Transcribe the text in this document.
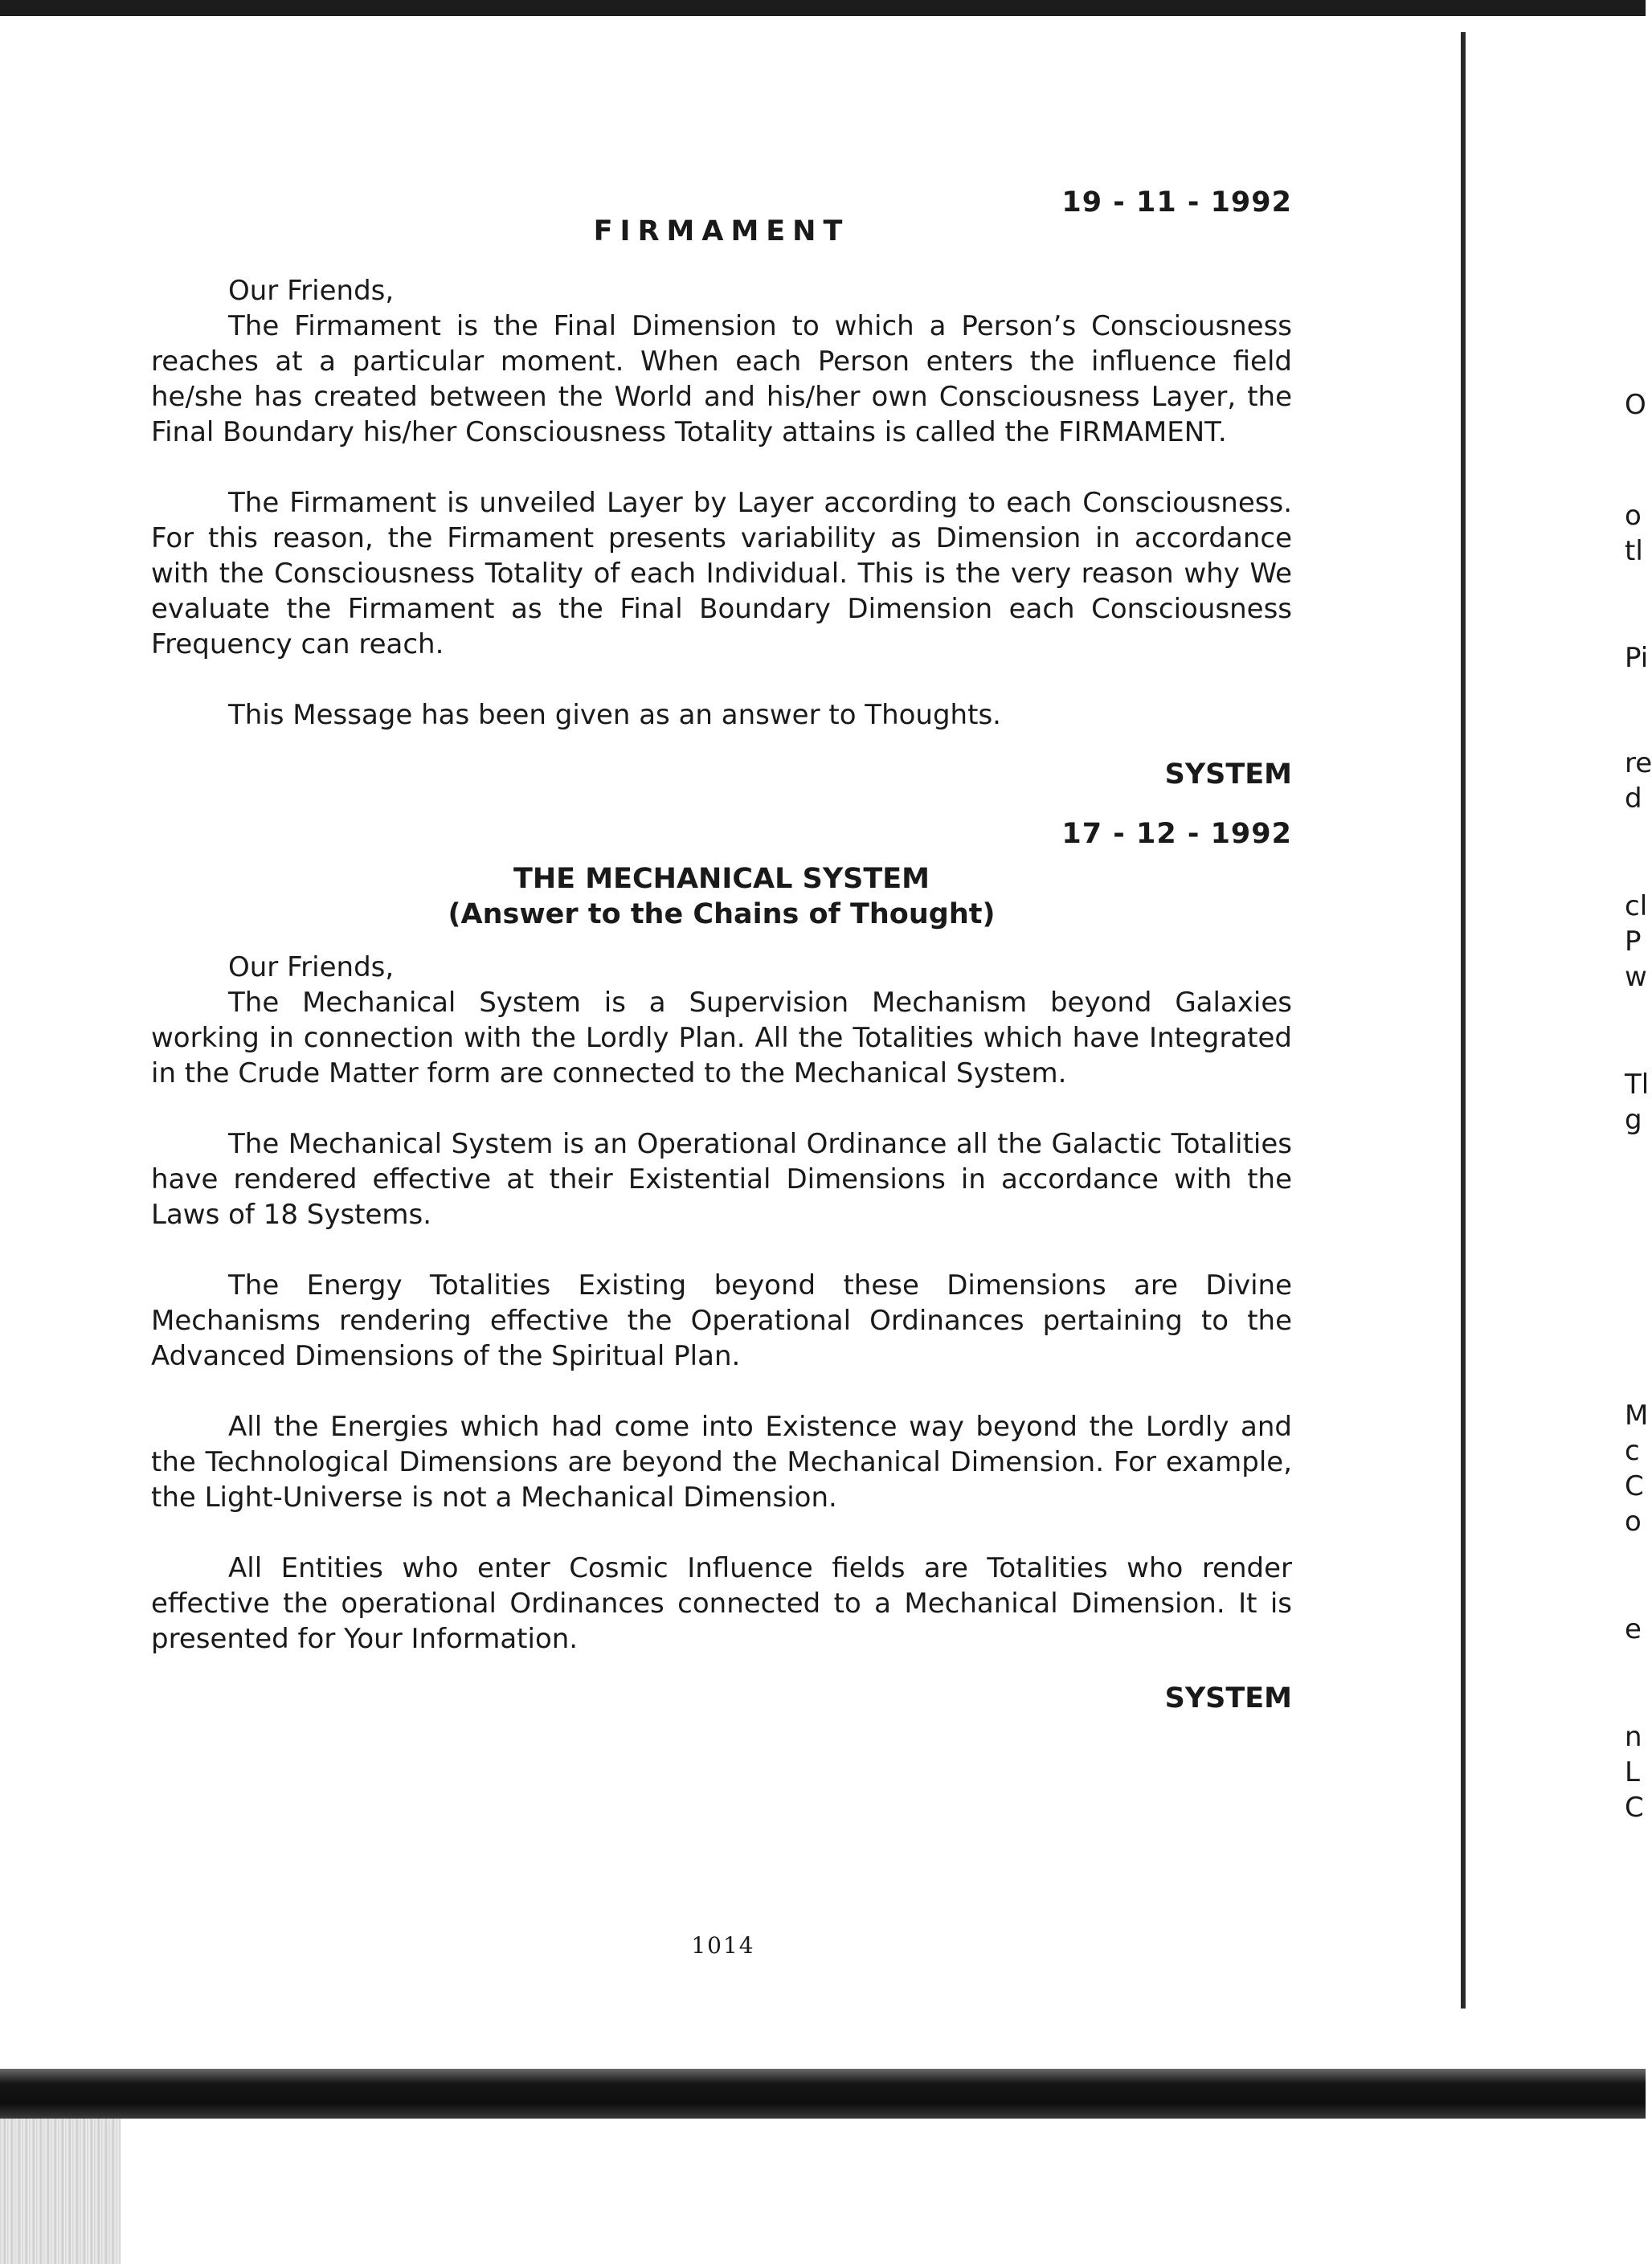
19 - 11 - 1992
FIRMAMENT
Our Friends,

The Firmament is the Final Dimension to which a Person’s Consciousness reaches at a particular moment. When each Person enters the influence field he/she has created between the World and his/her own Consciousness Layer, the Final Boundary his/her Consciousness Totality attains is called the FIRMAMENT.

The Firmament is unveiled Layer by Layer according to each Consciousness. For this reason, the Firmament presents variability as Dimension in accordance with the Consciousness Totality of each Individual. This is the very reason why We evaluate the Firmament as the Final Boundary Dimension each Consciousness Frequency can reach.

This Message has been given as an answer to Thoughts.

SYSTEM
17 - 12 - 1992
THE MECHANICAL SYSTEM
(Answer to the Chains of Thought)
Our Friends,

The Mechanical System is a Supervision Mechanism beyond Galaxies working in connection with the Lordly Plan. All the Totalities which have Integrated in the Crude Matter form are connected to the Mechanical System.

The Mechanical System is an Operational Ordinance all the Galactic Totalities have rendered effective at their Existential Dimensions in accordance with the Laws of 18 Systems.

The Energy Totalities Existing beyond these Dimensions are Divine Mechanisms rendering effective the Operational Ordinances pertaining to the Advanced Dimensions of the Spiritual Plan.

All the Energies which had come into Existence way beyond the Lordly and the Technological Dimensions are beyond the Mechanical Dimension. For example, the Light-Universe is not a Mechanical Dimension.

All Entities who enter Cosmic Influence fields are Totalities who render effective the operational Ordinances connected to a Mechanical Dimension. It is presented for Your Information.

SYSTEM
1014
O
o
tl
Pi
re
d
cl
P
w
Tl
g
M
c
C
o
e
n
L
C
